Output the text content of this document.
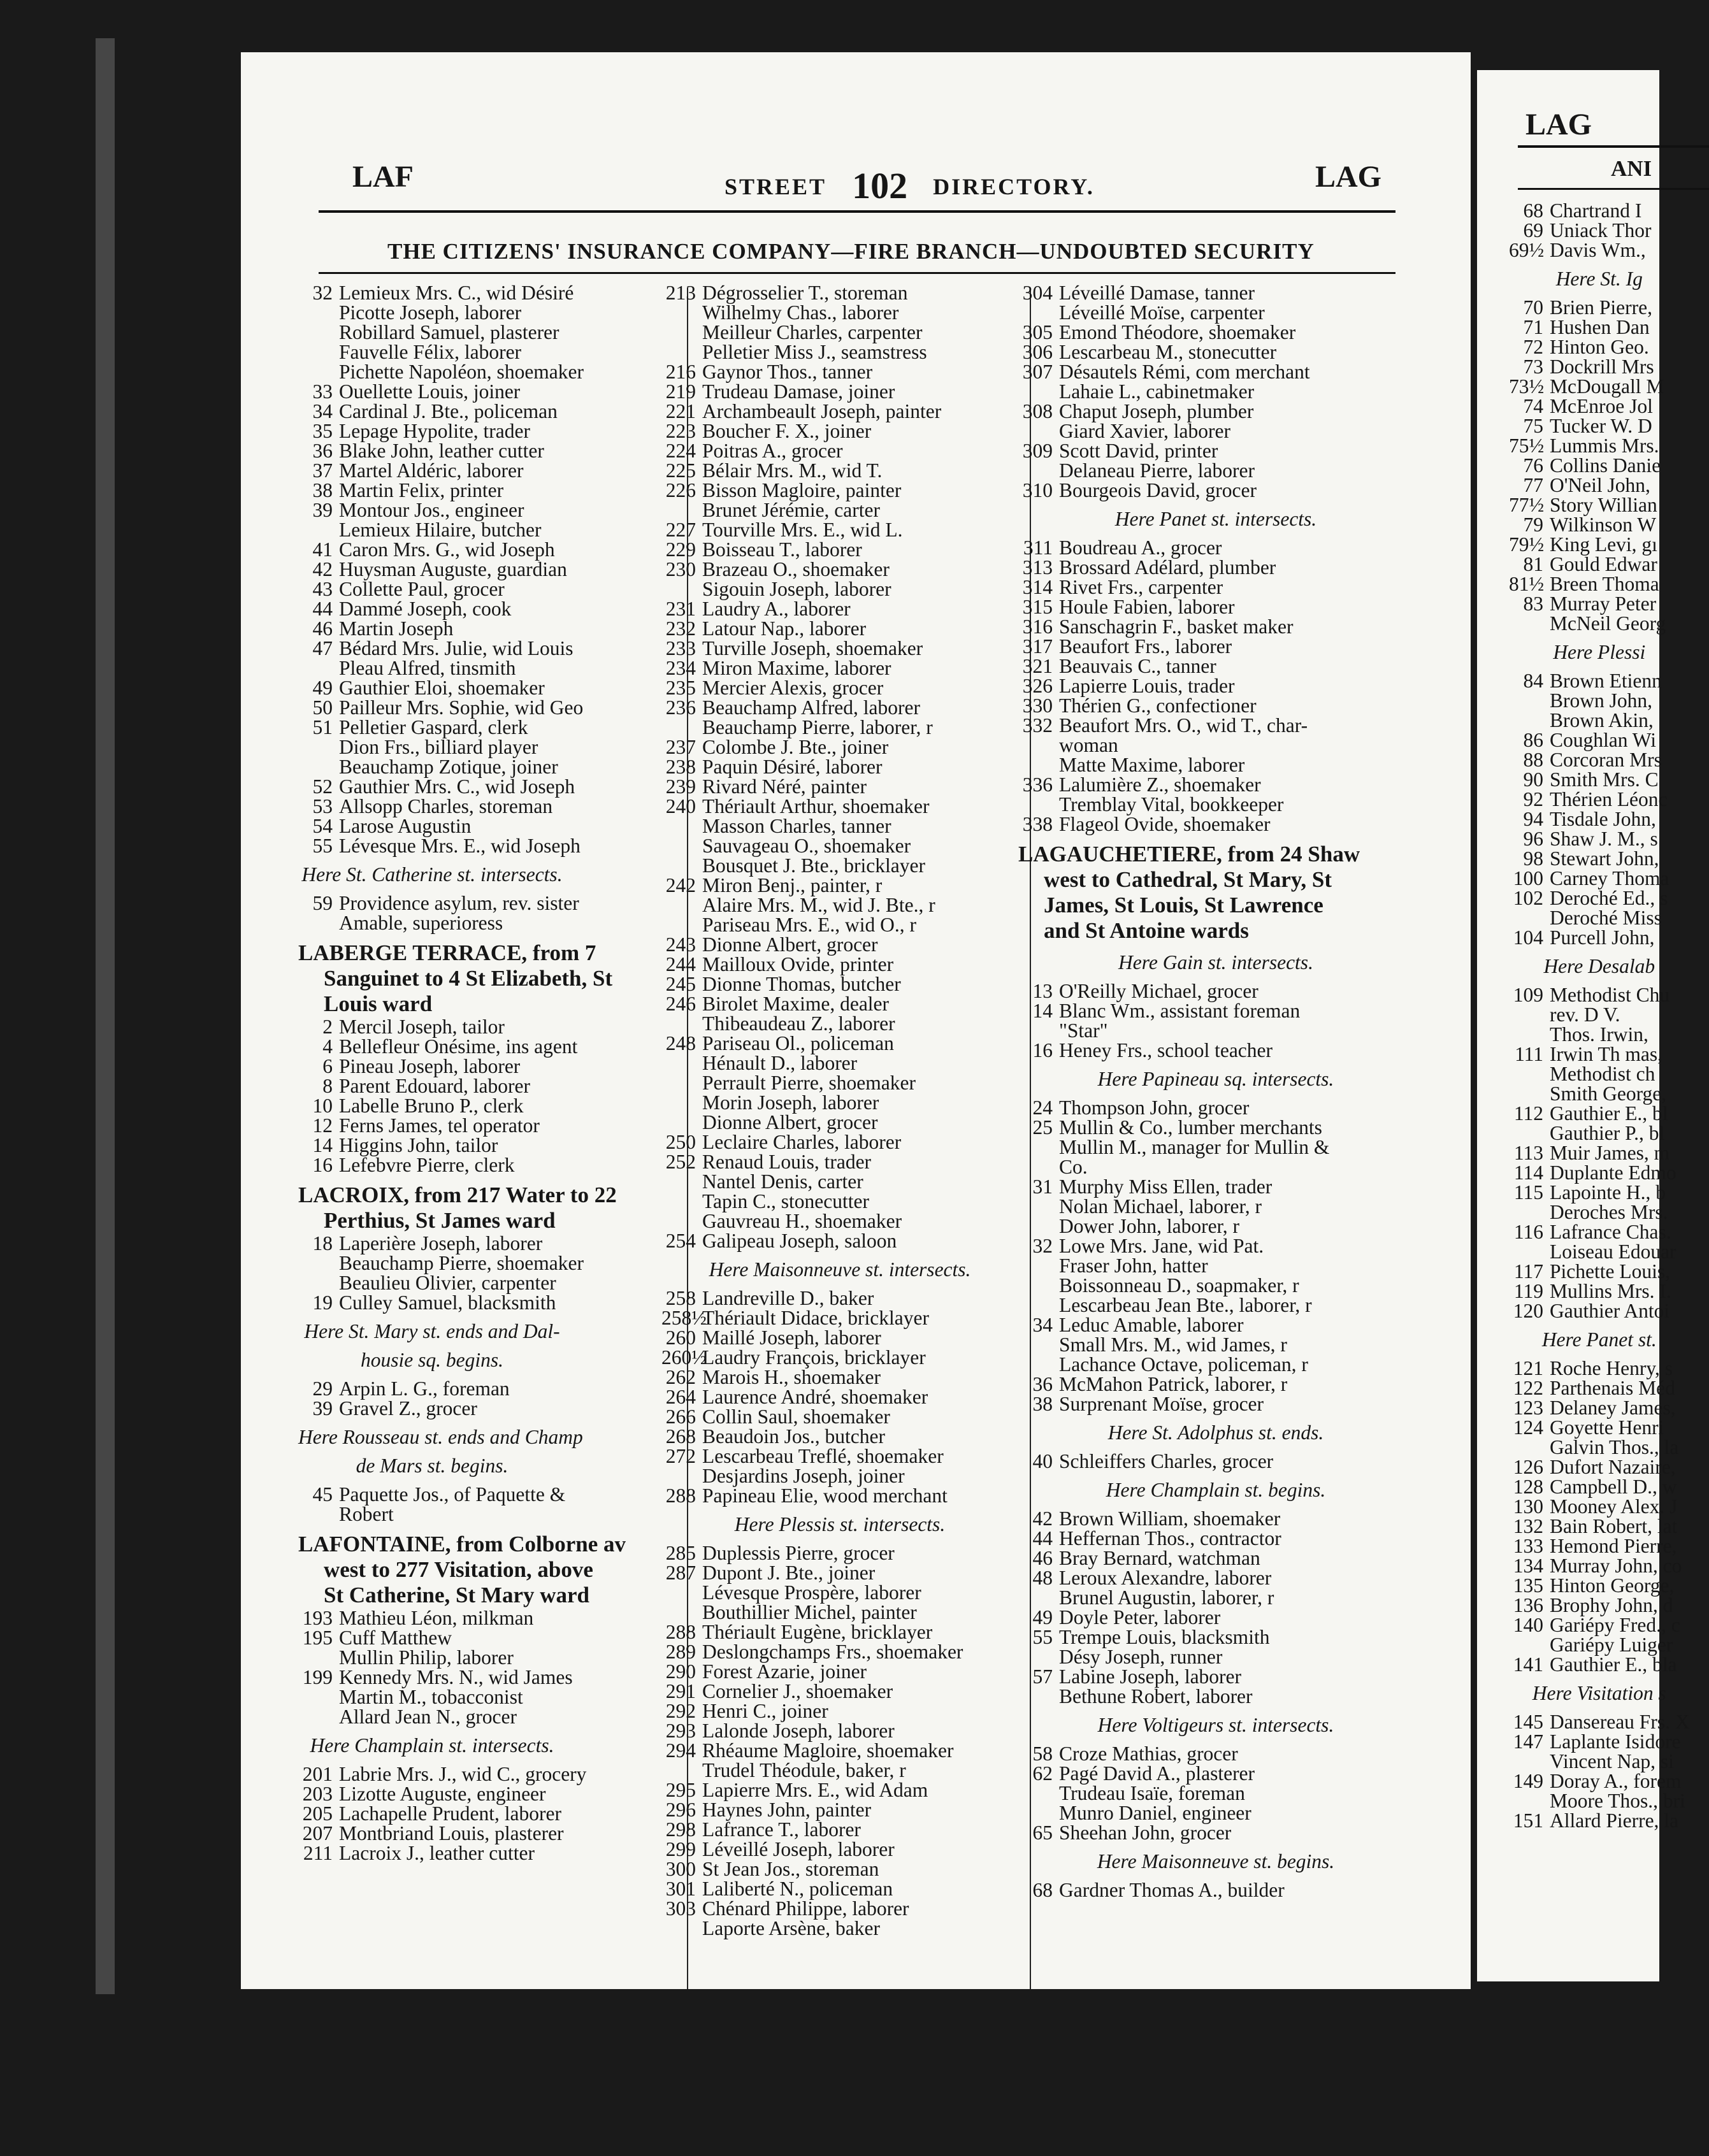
LAF	STREET 102 DIRECTORY.	LAG
THE CITIZENS' INSURANCE COMPANY—FIRE BRANCH—UNDOUBTED SECURITY
32 Lemieux Mrs. C., wid Désiré
Picotte Joseph, laborer
Robillard Samuel, plasterer
Fauvelle Félix, laborer
Pichette Napoléon, shoemaker
33 Ouellette Louis, joiner
34 Cardinal J. Bte., policeman
35 Lepage Hypolite, trader
36 Blake John, leather cutter
37 Martel Aldéric, laborer
38 Martin Felix, printer
39 Montour Jos., engineer
Lemieux Hilaire, butcher
41 Caron Mrs. G., wid Joseph
42 Huysman Auguste, guardian
43 Collette Paul, grocer
44 Dammé Joseph, cook
46 Martin Joseph
47 Bédard Mrs. Julie, wid Louis
Pleau Alfred, tinsmith
49 Gauthier Eloi, shoemaker
50 Pailleur Mrs. Sophie, wid Geo
51 Pelletier Gaspard, clerk
Dion Frs., billiard player
Beauchamp Zotique, joiner
52 Gauthier Mrs. C., wid Joseph
53 Allsopp Charles, storeman
54 Larose Augustin
55 Lévesque Mrs. E., wid Joseph
Here St. Catherine st. intersects.
59 Providence asylum, rev. sister
Amable, superioress
LABERGE TERRACE, from 7
Sanguinet to 4 St Elizabeth, St
Louis ward
2 Mercil Joseph, tailor
4 Bellefleur Onésime, ins agent
6 Pineau Joseph, laborer
8 Parent Edouard, laborer
10 Labelle Bruno P., clerk
12 Ferns James, tel operator
14 Higgins John, tailor
16 Lefebvre Pierre, clerk
LACROIX, from 217 Water to 22
Perthius, St James ward
18 Laperière Joseph, laborer
Beauchamp Pierre, shoemaker
Beaulieu Olivier, carpenter
19 Culley Samuel, blacksmith
Here St. Mary st. ends and Dal-
housie sq. begins.
29 Arpin L. G., foreman
39 Gravel Z., grocer
Here Rousseau st. ends and Champ
de Mars st. begins.
45 Paquette Jos., of Paquette &
Robert
LAFONTAINE, from Colborne av
west to 277 Visitation, above
St Catherine, St Mary ward
193 Mathieu Léon, milkman
195 Cuff Matthew
Mullin Philip, laborer
199 Kennedy Mrs. N., wid James
Martin M., tobacconist
Allard Jean N., grocer
Here Champlain st. intersects.
201 Labrie Mrs. J., wid C., grocery
203 Lizotte Auguste, engineer
205 Lachapelle Prudent, laborer
207 Montbriand Louis, plasterer
211 Lacroix J., leather cutter
213 Dégrosselier T., storeman
Wilhelmy Chas., laborer
Meilleur Charles, carpenter
Pelletier Miss J., seamstress
216 Gaynor Thos., tanner
219 Trudeau Damase, joiner
221 Archambeault Joseph, painter
223 Boucher F. X., joiner
224 Poitras A., grocer
225 Bélair Mrs. M., wid T.
226 Bisson Magloire, painter
Brunet Jérémie, carter
227 Tourville Mrs. E., wid L.
229 Boisseau T., laborer
230 Brazeau O., shoemaker
Sigouin Joseph, laborer
231 Laudry A., laborer
232 Latour Nap., laborer
233 Turville Joseph, shoemaker
234 Miron Maxime, laborer
235 Mercier Alexis, grocer
236 Beauchamp Alfred, laborer
Beauchamp Pierre, laborer, r
237 Colombe J. Bte., joiner
238 Paquin Désiré, laborer
239 Rivard Néré, painter
240 Thériault Arthur, shoemaker
Masson Charles, tanner
Sauvageau O., shoemaker
Bousquet J. Bte., bricklayer
242 Miron Benj., painter, r
Alaire Mrs. M., wid J. Bte., r
Pariseau Mrs. E., wid O., r
243 Dionne Albert, grocer
244 Mailloux Ovide, printer
245 Dionne Thomas, butcher
246 Birolet Maxime, dealer
Thibeaudeau Z., laborer
248 Pariseau Ol., policeman
Hénault D., laborer
Perrault Pierre, shoemaker
Morin Joseph, laborer
Dionne Albert, grocer
250 Leclaire Charles, laborer
252 Renaud Louis, trader
Nantel Denis, carter
Tapin C., stonecutter
Gauvreau H., shoemaker
254 Galipeau Joseph, saloon
Here Maisonneuve st. intersects.
258 Landreville D., baker
258½Thériault Didace, bricklayer
260 Maillé Joseph, laborer
260½Laudry François, bricklayer
262 Marois H., shoemaker
264 Laurence André, shoemaker
266 Collin Saul, shoemaker
268 Beaudoin Jos., butcher
272 Lescarbeau Treflé, shoemaker
Desjardins Joseph, joiner
288 Papineau Elie, wood merchant
Here Plessis st. intersects.
285 Duplessis Pierre, grocer
287 Dupont J. Bte., joiner
Lévesque Prospère, laborer
Bouthillier Michel, painter
288 Thériault Eugène, bricklayer
289 Deslongchamps Frs., shoemaker
290 Forest Azarie, joiner
291 Cornelier J., shoemaker
292 Henri C., joiner
293 Lalonde Joseph, laborer
294 Rhéaume Magloire, shoemaker
Trudel Théodule, baker, r
295 Lapierre Mrs. E., wid Adam
296 Haynes John, painter
298 Lafrance T., laborer
299 Léveillé Joseph, laborer
300 St Jean Jos., storeman
301 Laliberté N., policeman
303 Chénard Philippe, laborer
Laporte Arsène, baker
304 Léveillé Damase, tanner
Léveillé Moïse, carpenter
305 Emond Théodore, shoemaker
306 Lescarbeau M., stonecutter
307 Désautels Rémi, com merchant
Lahaie L., cabinetmaker
308 Chaput Joseph, plumber
Giard Xavier, laborer
309 Scott David, printer
Delaneau Pierre, laborer
310 Bourgeois David, grocer
Here Panet st. intersects.
311 Boudreau A., grocer
313 Brossard Adélard, plumber
314 Rivet Frs., carpenter
315 Houle Fabien, laborer
316 Sanschagrin F., basket maker
317 Beaufort Frs., laborer
321 Beauvais C., tanner
326 Lapierre Louis, trader
330 Thérien G., confectioner
332 Beaufort Mrs. O., wid T., char-
woman
Matte Maxime, laborer
336 Lalumière Z., shoemaker
Tremblay Vital, bookkeeper
338 Flageol Ovide, shoemaker
LAGAUCHETIERE, from 24 Shaw
west to Cathedral, St Mary, St
James, St Louis, St Lawrence
and St Antoine wards
Here Gain st. intersects.
13 O'Reilly Michael, grocer
14 Blanc Wm., assistant foreman
"Star"
16 Heney Frs., school teacher
Here Papineau sq. intersects.
24 Thompson John, grocer
25 Mullin & Co., lumber merchants
Mullin M., manager for Mullin &
Co.
31 Murphy Miss Ellen, trader
Nolan Michael, laborer, r
Dower John, laborer, r
32 Lowe Mrs. Jane, wid Pat.
Fraser John, hatter
Boissonneau D., soapmaker, r
Lescarbeau Jean Bte., laborer, r
34 Leduc Amable, laborer
Small Mrs. M., wid James, r
Lachance Octave, policeman, r
36 McMahon Patrick, laborer, r
38 Surprenant Moïse, grocer
Here St. Adolphus st. ends.
40 Schleiffers Charles, grocer
Here Champlain st. begins.
42 Brown William, shoemaker
44 Heffernan Thos., contractor
46 Bray Bernard, watchman
48 Leroux Alexandre, laborer
Brunel Augustin, laborer, r
49 Doyle Peter, laborer
55 Trempe Louis, blacksmith
Désy Joseph, runner
57 Labine Joseph, laborer
Bethune Robert, laborer
Here Voltigeurs st. intersects.
58 Croze Mathias, grocer
62 Pagé David A., plasterer
Trudeau Isaïe, foreman
Munro Daniel, engineer
65 Sheehan John, grocer
Here Maisonneuve st. begins.
68 Gardner Thomas A., builder
LAG
ANI
68 Chartrand I
69 Uniack Thor
69½ Davis Wm.,
Here St. Ig
70 Brien Pierre,
71 Hushen Dan
72 Hinton Geo.
73 Dockrill Mrs
73½ McDougall M
74 McEnroe Jol
75 Tucker W. D
75½ Lummis Mrs.
76 Collins Danie
77 O'Neil John,
77½ Story Willian
79 Wilkinson W
79½ King Levi, gı
81 Gould Edwar
81½ Breen Thoma
83 Murray Peter
McNeil Georg
Here Plessi
84 Brown Etienn
Brown John,
Brown Akin,
86 Coughlan Wi
88 Corcoran Mrs
90 Smith Mrs. C
92 Thérien Léonc
94 Tisdale John,
96 Shaw J. M., s
98 Stewart John,
100 Carney Thoma
102 Deroché Ed., s
Deroché Miss
104 Purcell John,
Here Desalab
109 Methodist Chu
rev. D V.
Thos. Irwin,
111 Irwin Th mas,
Methodist ch
Smith George,
112 Gauthier E., bl
Gauthier P., bl
113 Muir James, m
114 Duplante Edmo
115 Lapointe H., b
Deroches Mrs.
116 Lafrance Chas.
Loiseau Edouar
117 Pichette Louis,
119 Mullins Mrs. I.
120 Gauthier Antoi
Here Panet st.
121 Roche Henry, s
122 Parthenais Méd
123 Delaney James,
124 Goyette Henri
Galvin Thos., la
126 Dufort Nazaire,
128 Campbell D., w
130 Mooney Alex. J
132 Bain Robert, lat
133 Hemond Pierre,
134 Murray John, co
135 Hinton George,
136 Brophy John, d
140 Gariépy Fred., c
Gariépy Luiger
141 Gauthier E., bla
Here Visitation s
145 Dansereau Frs. X
147 Laplante Isidore
Vincent Nap, si
149 Doray A., forem
Moore Thos., bri
151 Allard Pierre, la
